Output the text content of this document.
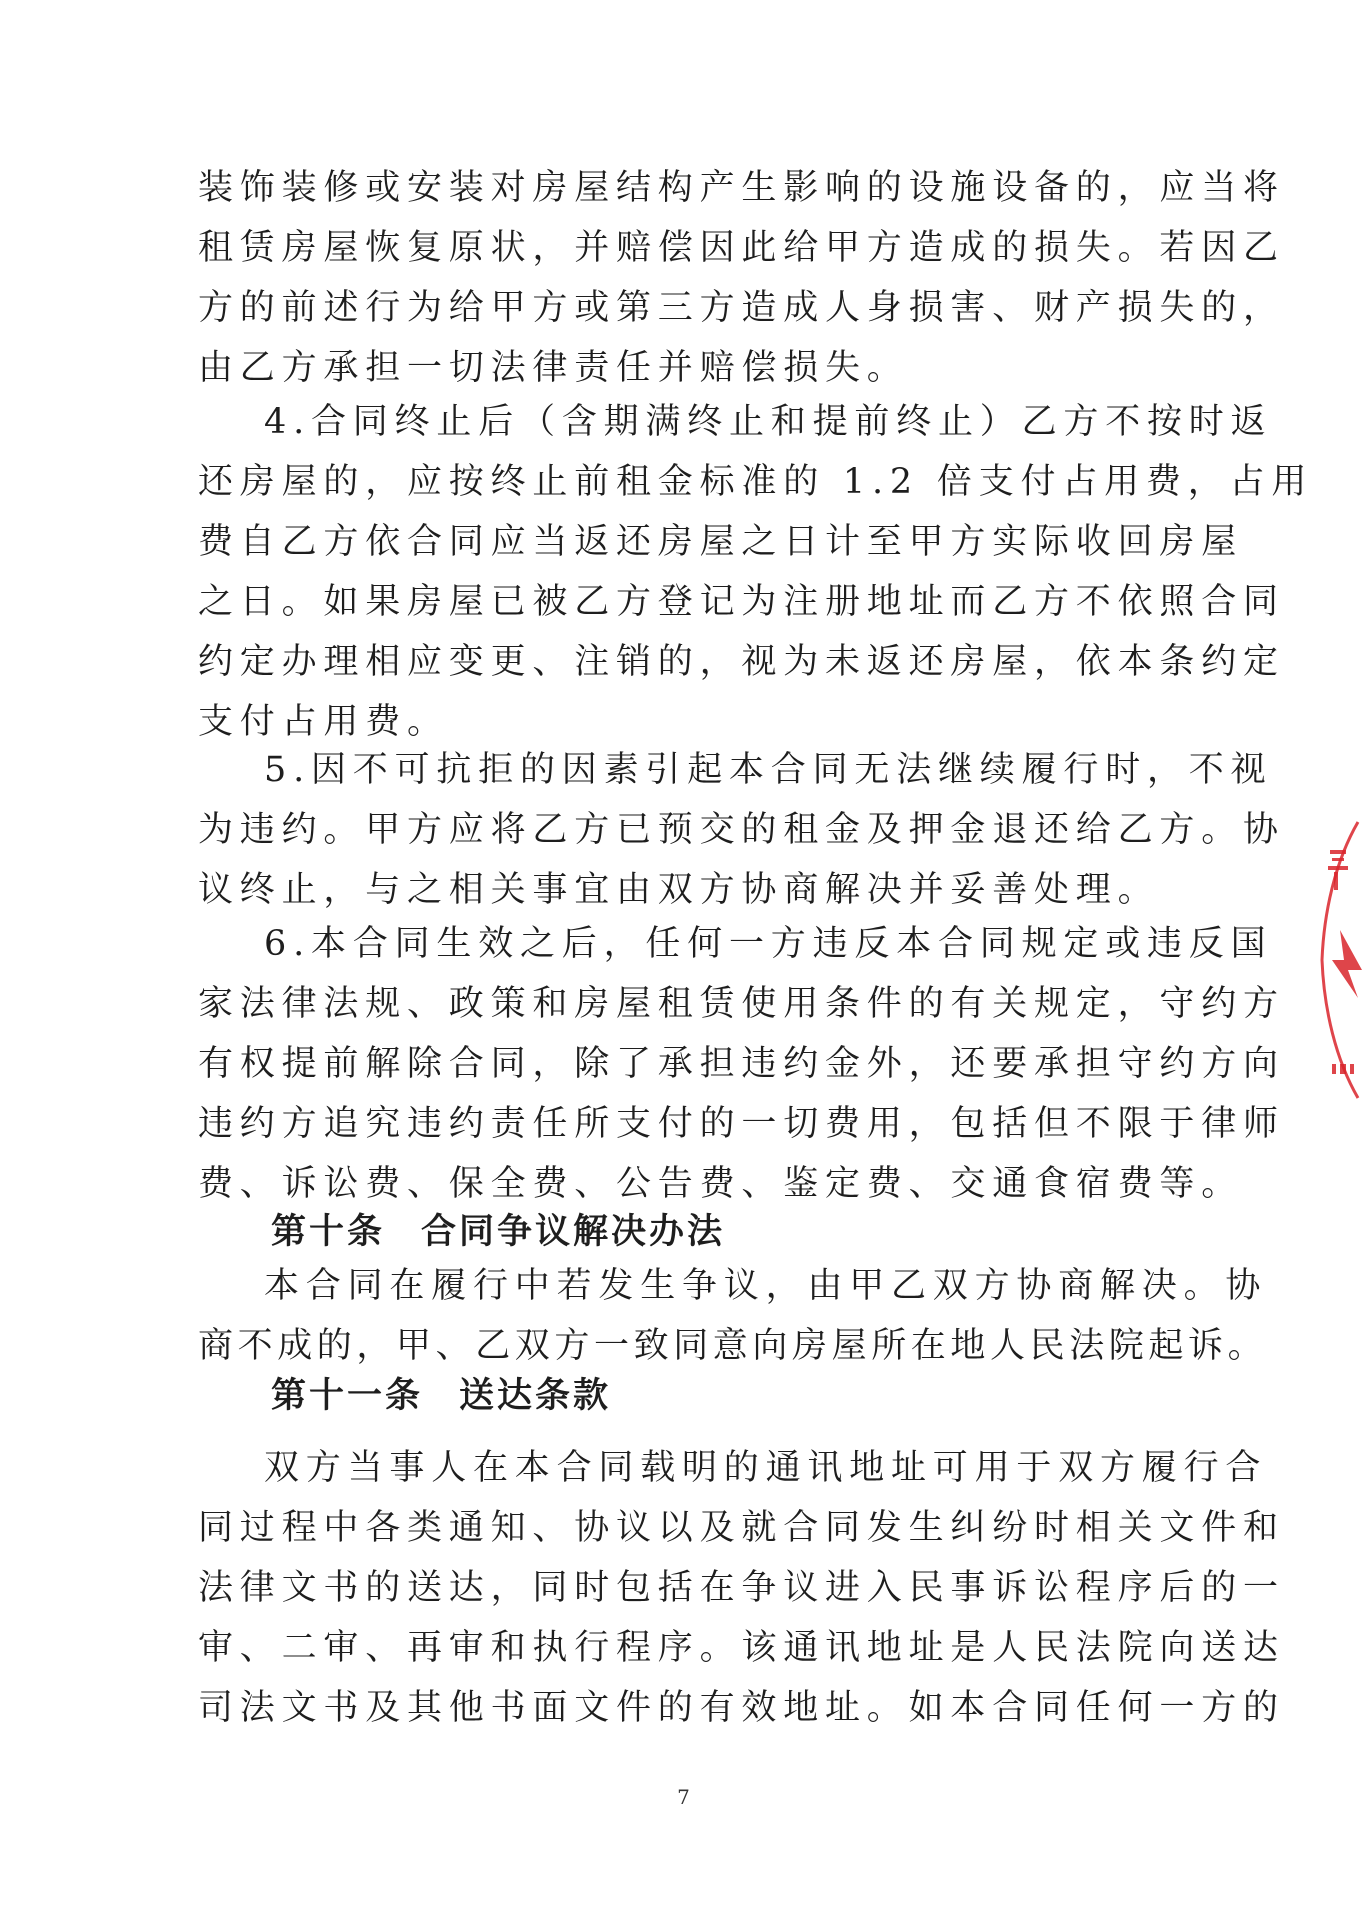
装饰装修或安装对房屋结构产生影响的设施设备的，应当将
租赁房屋恢复原状，并赔偿因此给甲方造成的损失。若因乙
方的前述行为给甲方或第三方造成人身损害、财产损失的，
由乙方承担一切法律责任并赔偿损失。

4.合同终止后（含期满终止和提前终止）乙方不按时返
还房屋的，应按终止前租金标准的 1.2 倍支付占用费，占用
费自乙方依合同应当返还房屋之日计至甲方实际收回房屋
之日。如果房屋已被乙方登记为注册地址而乙方不依照合同
约定办理相应变更、注销的，视为未返还房屋，依本条约定
支付占用费。

5.因不可抗拒的因素引起本合同无法继续履行时，不视
为违约。甲方应将乙方已预交的租金及押金退还给乙方。协
议终止，与之相关事宜由双方协商解决并妥善处理。

6.本合同生效之后，任何一方违反本合同规定或违反国
家法律法规、政策和房屋租赁使用条件的有关规定，守约方
有权提前解除合同，除了承担违约金外，还要承担守约方向
违约方追究违约责任所支付的一切费用，包括但不限于律师
费、诉讼费、保全费、公告费、鉴定费、交通食宿费等。

第十条 合同争议解决办法

本合同在履行中若发生争议，由甲乙双方协商解决。协
商不成的，甲、乙双方一致同意向房屋所在地人民法院起诉。

第十一条 送达条款

双方当事人在本合同载明的通讯地址可用于双方履行合
同过程中各类通知、协议以及就合同发生纠纷时相关文件和
法律文书的送达，同时包括在争议进入民事诉讼程序后的一
审、二审、再审和执行程序。该通讯地址是人民法院向送达
司法文书及其他书面文件的有效地址。如本合同任何一方的

7
